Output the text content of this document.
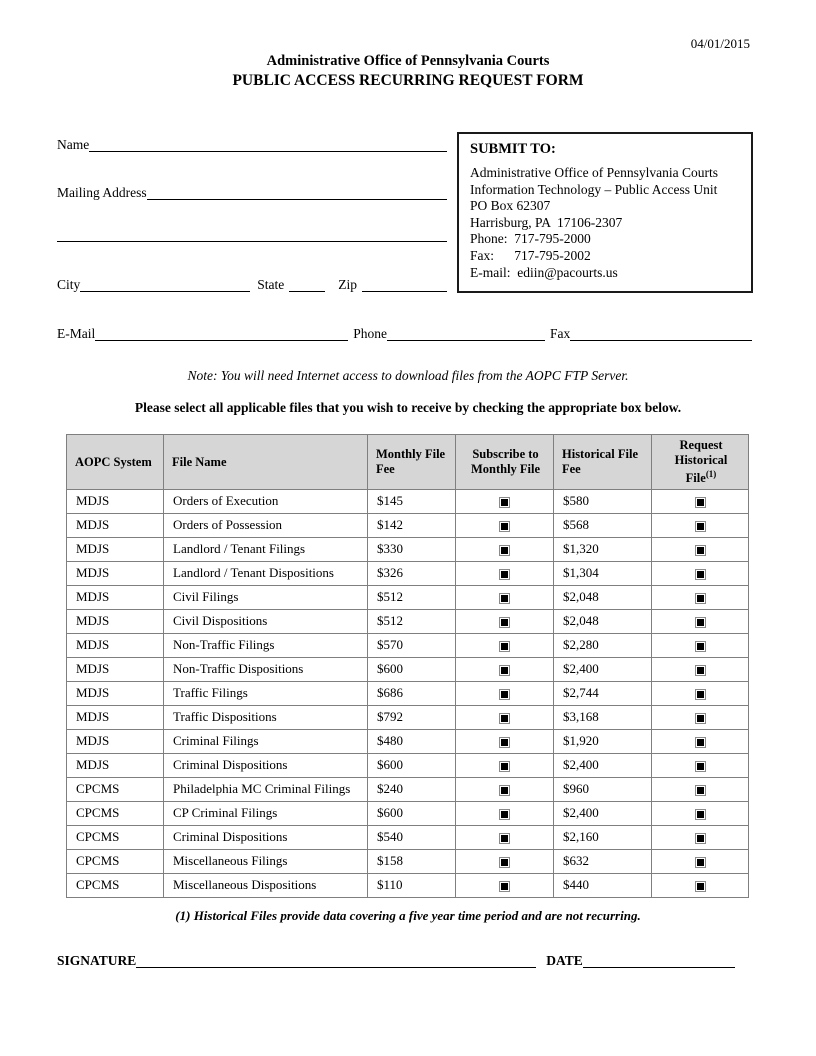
04/01/2015
Administrative Office of Pennsylvania Courts
PUBLIC ACCESS RECURRING REQUEST FORM
Name
Mailing Address
City	State	Zip
SUBMIT TO:
Administrative Office of Pennsylvania Courts
Information Technology – Public Access Unit
PO Box 62307
Harrisburg, PA  17106-2307
Phone:  717-795-2000
Fax:      717-795-2002
E-mail:  ediin@pacourts.us
E-Mail	Phone	Fax
Note: You will need Internet access to download files from the AOPC FTP Server.
Please select all applicable files that you wish to receive by checking the appropriate box below.
AOPC System	File Name	Monthly File Fee	Subscribe to Monthly File	Historical File Fee	Request Historical File$^{(1)}$
MDJS	Orders of Execution	$145		$580	
MDJS	Orders of Possession	$142		$568	
MDJS	Landlord / Tenant Filings	$330		$1,320	
MDJS	Landlord / Tenant Dispositions	$326		$1,304	
MDJS	Civil Filings	$512		$2,048	
MDJS	Civil Dispositions	$512		$2,048	
MDJS	Non-Traffic Filings	$570		$2,280	
MDJS	Non-Traffic Dispositions	$600		$2,400	
MDJS	Traffic Filings	$686		$2,744	
MDJS	Traffic Dispositions	$792		$3,168	
MDJS	Criminal Filings	$480		$1,920	
MDJS	Criminal Dispositions	$600		$2,400	
CPCMS	Philadelphia MC Criminal Filings	$240		$960	
CPCMS	CP Criminal Filings	$600		$2,400	
CPCMS	Criminal Dispositions	$540		$2,160	
CPCMS	Miscellaneous Filings	$158		$632	
CPCMS	Miscellaneous Dispositions	$110		$440	
(1) Historical Files provide data covering a five year time period and are not recurring.
SIGNATURE	DATE
